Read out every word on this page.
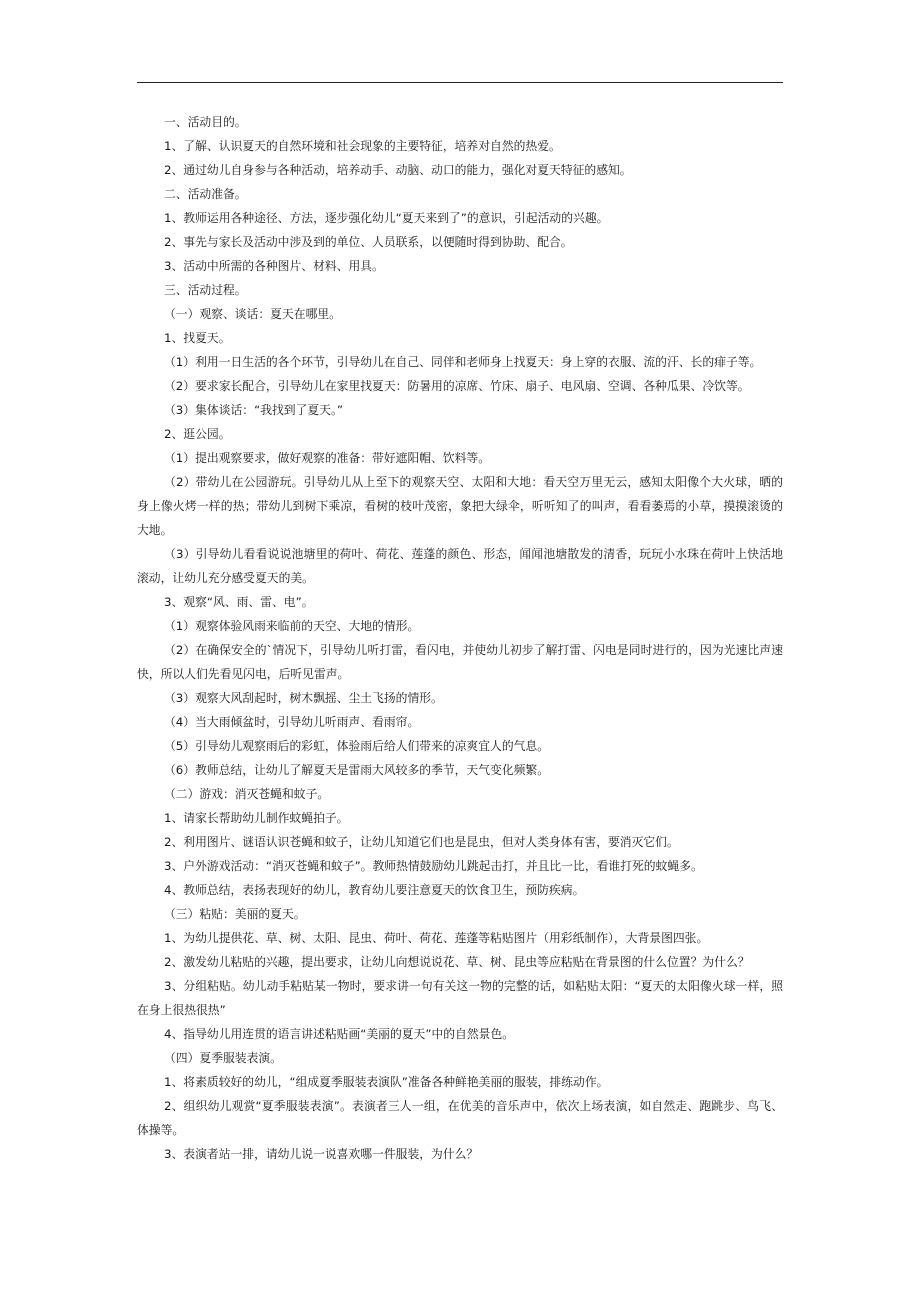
一、活动目的。
1、了解、认识夏天的自然环境和社会现象的主要特征，培养对自然的热爱。
2、通过幼儿自身参与各种活动，培养动手、动脑、动口的能力，强化对夏天特征的感知。
二、活动准备。
1、教师运用各种途径、方法，逐步强化幼儿“夏天来到了”的意识，引起活动的兴趣。
2、事先与家长及活动中涉及到的单位、人员联系，以便随时得到协助、配合。
3、活动中所需的各种图片、材料、用具。
三、活动过程。
（一）观察、谈话：夏天在哪里。
1、找夏天。
（1）利用一日生活的各个环节，引导幼儿在自己、同伴和老师身上找夏天：身上穿的衣服、流的汗、长的痱子等。
（2）要求家长配合，引导幼儿在家里找夏天：防暑用的凉席、竹床、扇子、电风扇、空调、各种瓜果、冷饮等。
（3）集体谈话：“我找到了夏天。”
2、逛公园。
（1）提出观察要求，做好观察的准备：带好遮阳帽、饮料等。
（2）带幼儿在公园游玩。引导幼儿从上至下的观察天空、太阳和大地：看天空万里无云，感知太阳像个大火球，晒的身上像火烤一样的热；带幼儿到树下乘凉，看树的枝叶茂密，象把大绿伞，听听知了的叫声，看看萎焉的小草，摸摸滚烫的大地。
（3）引导幼儿看看说说池塘里的荷叶、荷花、莲蓬的颜色、形态，闻闻池塘散发的清香，玩玩小水珠在荷叶上快活地滚动，让幼儿充分感受夏天的美。
3、观察“风、雨、雷、电”。
（1）观察体验风雨来临前的天空、大地的情形。
（2）在确保安全的`情况下，引导幼儿听打雷，看闪电，并使幼儿初步了解打雷、闪电是同时进行的，因为光速比声速快，所以人们先看见闪电，后听见雷声。
（3）观察大风刮起时，树木飘摇、尘土飞扬的情形。
（4）当大雨倾盆时，引导幼儿听雨声、看雨帘。
（5）引导幼儿观察雨后的彩虹，体验雨后给人们带来的凉爽宜人的气息。
（6）教师总结，让幼儿了解夏天是雷雨大风较多的季节，天气变化频繁。
（二）游戏：消灭苍蝇和蚊子。
1、请家长帮助幼儿制作蚊蝇拍子。
2、利用图片、谜语认识苍蝇和蚊子，让幼儿知道它们也是昆虫，但对人类身体有害，要消灭它们。
3、户外游戏活动：“消灭苍蝇和蚊子”。教师热情鼓励幼儿跳起击打，并且比一比，看谁打死的蚊蝇多。
4、教师总结，表扬表现好的幼儿，教育幼儿要注意夏天的饮食卫生，预防疾病。
（三）粘贴：美丽的夏天。
1、为幼儿提供花、草、树、太阳、昆虫、荷叶、荷花、莲蓬等粘贴图片（用彩纸制作），大背景图四张。
2、激发幼儿粘贴的兴趣，提出要求，让幼儿向想说说花、草、树、昆虫等应粘贴在背景图的什么位置？为什么？
3、分组粘贴。幼儿动手粘贴某一物时，要求讲一句有关这一物的完整的话，如粘贴太阳：“夏天的太阳像火球一样，照在身上很热很热”
4、指导幼儿用连贯的语言讲述粘贴画“美丽的夏天”中的自然景色。
（四）夏季服装表演。
1、将素质较好的幼儿，“组成夏季服装表演队”准备各种鲜艳美丽的服装，排练动作。
2、组织幼儿观赏“夏季服装表演”。表演者三人一组，在优美的音乐声中，依次上场表演，如自然走、跑跳步、鸟飞、体操等。
3、表演者站一排，请幼儿说一说喜欢哪一件服装，为什么？
